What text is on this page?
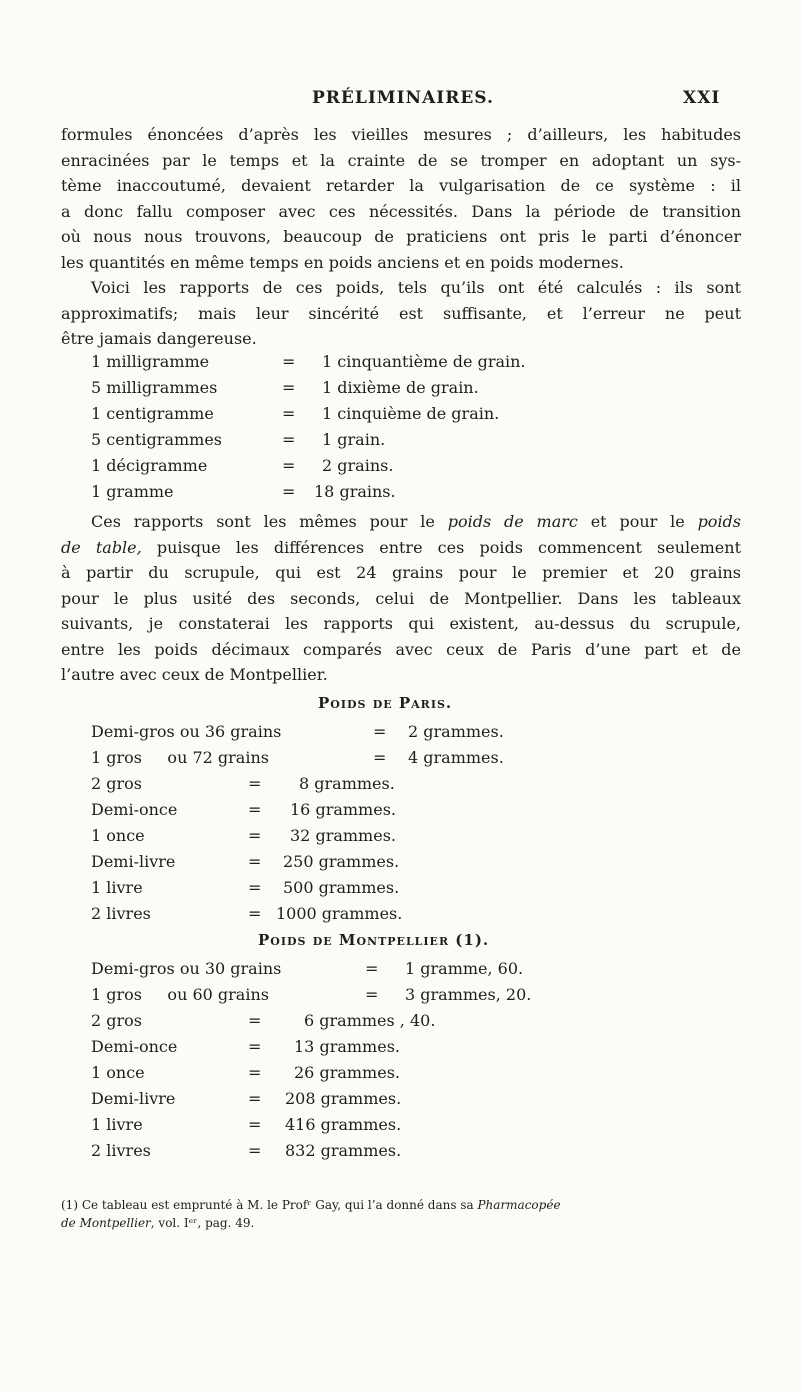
PRÉLIMINAIRES.	XXI
formules énoncées d’après les vieilles mesures ; d’ailleurs, les habitudes
enracinées par le temps et la crainte de se tromper en adoptant un sys-
tème inaccoutumé, devaient retarder la vulgarisation de ce système : il
a donc fallu composer avec ces nécessités. Dans la période de transition
où nous nous trouvons, beaucoup de praticiens ont pris le parti d’énoncer
les quantités en même temps en poids anciens et en poids modernes.
Voici les rapports de ces poids, tels qu’ils ont été calculés : ils sont
approximatifs; mais leur sincérité est suffisante, et l’erreur ne peut
être jamais dangereuse.
1 milligramme	= 1 cinquantième de grain.
5 milligrammes	= 1 dixième de grain.
1 centigramme	= 1 cinquième de grain.
5 centigrammes	= 1 grain.
1 décigramme	= 2 grains.
1 gramme	= 18 grains.
Ces rapports sont les mêmes pour le poids de marc et pour le poids
de table, puisque les différences entre ces poids commencent seulement
à partir du scrupule, qui est 24 grains pour le premier et 20 grains
pour le plus usité des seconds, celui de Montpellier. Dans les tableaux
suivants, je constaterai les rapports qui existent, au-dessus du scrupule,
entre les poids décimaux comparés avec ceux de Paris d’une part et de
l’autre avec ceux de Montpellier.
Poids de Paris.
Demi-gros ou 36 grains	= 2 grammes.
1 gros     ou 72 grains	= 4 grammes.
2 gros	= 8 grammes.
Demi-once	= 16 grammes.
1 once	= 32 grammes.
Demi-livre	= 250 grammes.
1 livre	= 500 grammes.
2 livres	= 1000 grammes.
Poids de Montpellier (1).
Demi-gros ou 30 grains	= 1 gramme, 60.
1 gros     ou 60 grains	= 3 grammes, 20.
2 gros	=	6 grammes , 40.
Demi-once	= 13 grammes.
1 once	= 26 grammes.
Demi-livre	= 208 grammes.
1 livre	= 416 grammes.
2 livres	= 832 grammes.
(1) Ce tableau est emprunté à M. le Profʳ Gay, qui l’a donné dans sa Pharmacopée
de Montpellier, vol. Iᵉʳ, pag. 49.
